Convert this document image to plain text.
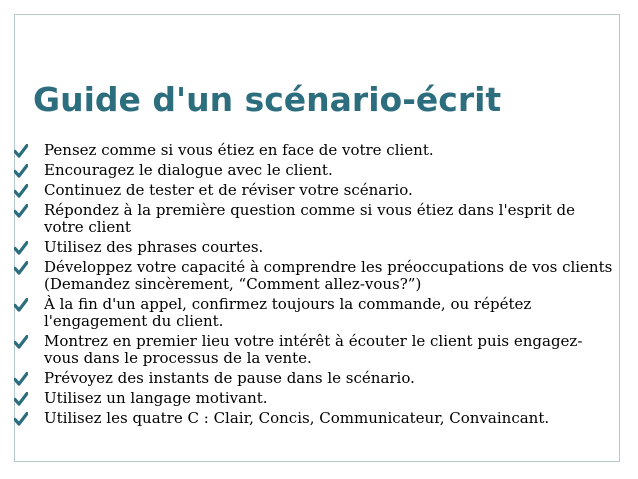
Guide d'un scénario-écrit
Pensez comme si vous étiez en face de votre client.
Encouragez le dialogue avec le client.
Continuez de tester et de réviser votre scénario.
Répondez à la première question comme si vous étiez dans l'esprit de votre client
Utilisez des phrases courtes.
Développez votre capacité à comprendre les préoccupations de vos clients (Demandez sincèrement, “Comment allez-vous?”)
À la fin d'un appel, confirmez toujours la commande, ou répétez l'engagement du client.
Montrez en premier lieu votre intérêt à écouter le client puis engagez-vous dans le processus de la vente.
Prévoyez des instants de pause dans le scénario.
Utilisez un langage motivant.
Utilisez les quatre C : Clair, Concis, Communicateur, Convaincant.
